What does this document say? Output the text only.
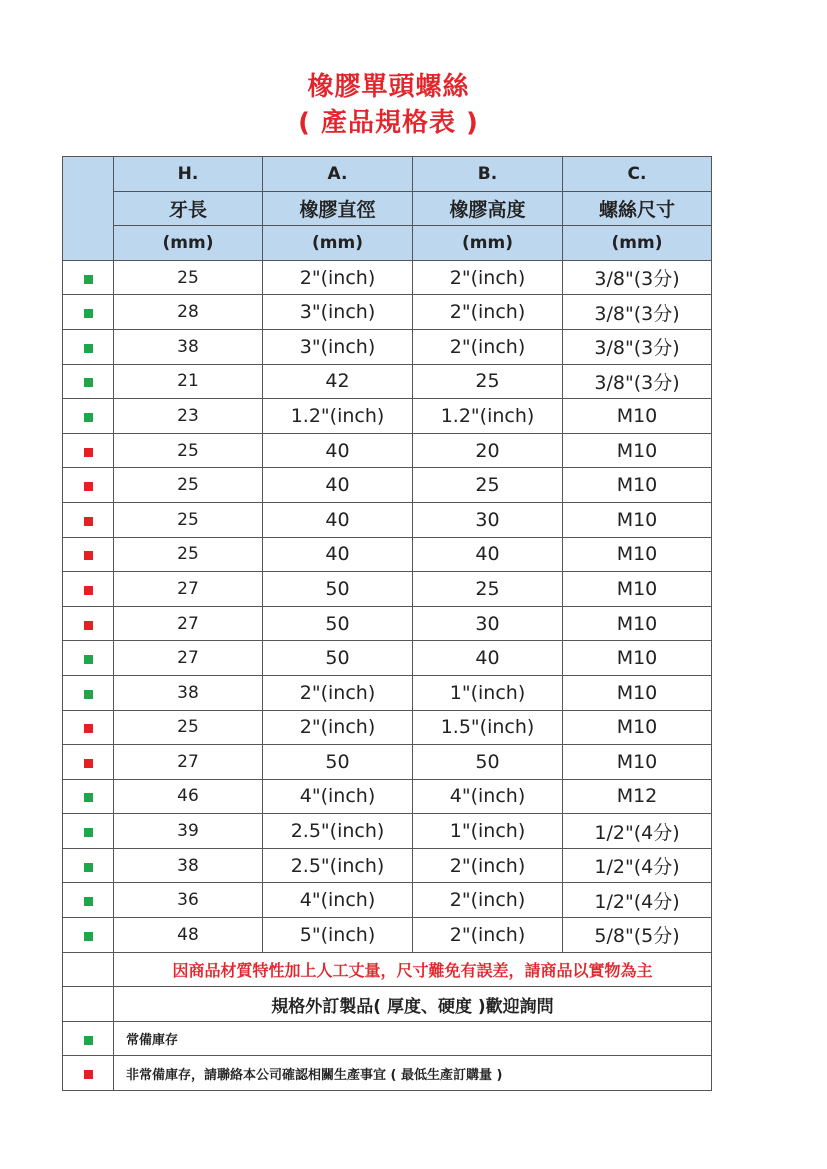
橡膠單頭螺絲
( 產品規格表 )
	H.	A.	B.	C.
	牙長	橡膠直徑	橡膠高度	螺絲尺寸
	(mm)	(mm)	(mm)	(mm)
	25	2"(inch)	2"(inch)	3/8"(3分)
	28	3"(inch)	2"(inch)	3/8"(3分)
	38	3"(inch)	2"(inch)	3/8"(3分)
	21	42	25	3/8"(3分)
	23	1.2"(inch)	1.2"(inch)	M10
	25	40	20	M10
	25	40	25	M10
	25	40	30	M10
	25	40	40	M10
	27	50	25	M10
	27	50	30	M10
	27	50	40	M10
	38	2"(inch)	1"(inch)	M10
	25	2"(inch)	1.5"(inch)	M10
	27	50	50	M10
	46	4"(inch)	4"(inch)	M12
	39	2.5"(inch)	1"(inch)	1/2"(4分)
	38	2.5"(inch)	2"(inch)	1/2"(4分)
	36	4"(inch)	2"(inch)	1/2"(4分)
	48	5"(inch)	2"(inch)	5/8"(5分)
	因商品材質特性加上人工丈量，尺寸難免有誤差，請商品以實物為主			
	規格外訂製品( 厚度、硬度 )歡迎詢問			
	常備庫存			
	非常備庫存，請聯絡本公司確認相關生產事宜 ( 最低生產訂購量 )			
